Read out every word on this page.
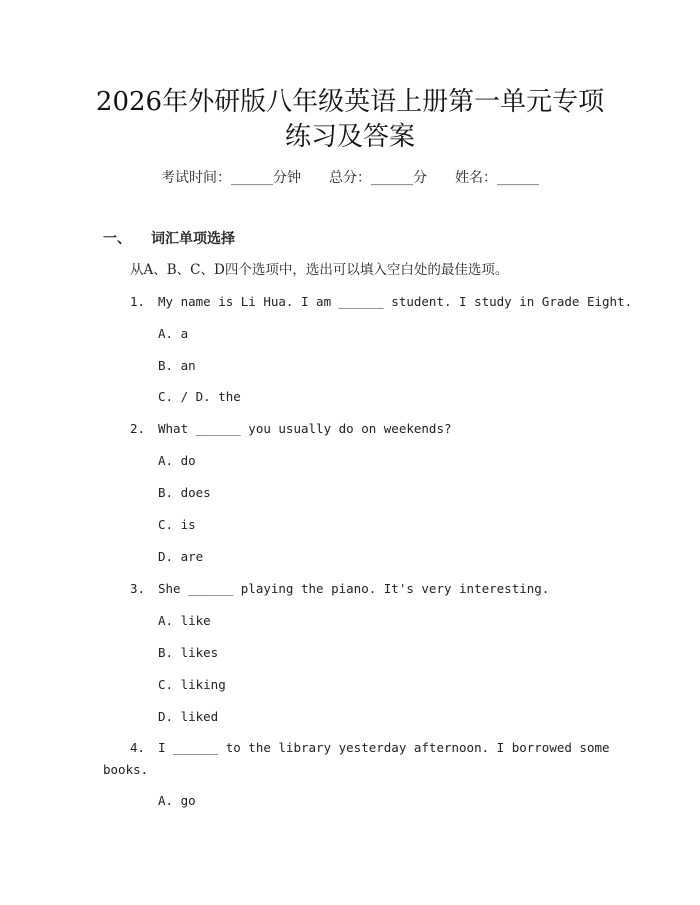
2026年外研版八年级英语上册第一单元专项
练习及答案
考试时间：______分钟 总分：______分 姓名：______
一、 词汇单项选择
从A、B、C、D四个选项中，选出可以填入空白处的最佳选项。
1. My name is Li Hua. I am ______ student. I study in Grade Eight.
A. a
B. an
C. / D. the
2. What ______ you usually do on weekends?
A. do
B. does
C. is
D. are
3. She ______ playing the piano. It's very interesting.
A. like
B. likes
C. liking
D. liked
4. I ______ to the library yesterday afternoon. I borrowed some
books.
A. go
